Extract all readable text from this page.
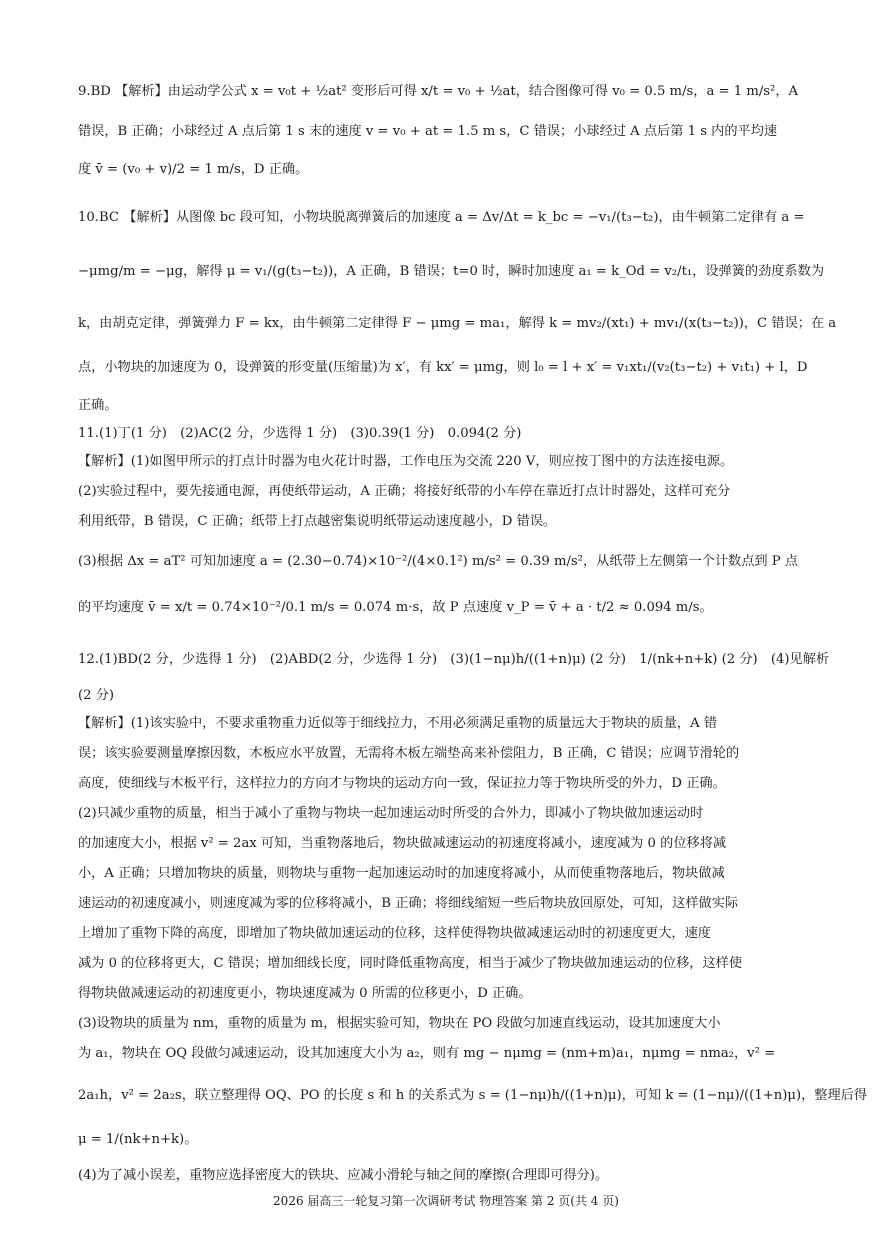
9.BD 【解析】由运动学公式 x = v₀t + ½at² 变形后可得 x/t = v₀ + ½at，结合图像可得 v₀ = 0.5 m/s，a = 1 m/s²，A
错误，B 正确；小球经过 A 点后第 1 s 末的速度 v = v₀ + at = 1.5 m s，C 错误；小球经过 A 点后第 1 s 内的平均速
度 v̄ = (v₀ + v)/2 = 1 m/s，D 正确。
10.BC 【解析】从图像 bc 段可知，小物块脱离弹簧后的加速度 a = Δv/Δt = k_bc = −v₁/(t₃−t₂)，由牛顿第二定律有 a =
−μmg/m = −μg，解得 μ = v₁/(g(t₃−t₂))，A 正确，B 错误；t=0 时，瞬时加速度 a₁ = k_Od = v₂/t₁，设弹簧的劲度系数为
k，由胡克定律，弹簧弹力 F = kx，由牛顿第二定律得 F − μmg = ma₁，解得 k = mv₂/(xt₁) + mv₁/(x(t₃−t₂))，C 错误；在 a
点，小物块的加速度为 0，设弹簧的形变量(压缩量)为 x′，有 kx′ = μmg，则 l₀ = l + x′ = v₁xt₁/(v₂(t₃−t₂) + v₁t₁) + l，D
正确。
11.(1)丁(1 分)　(2)AC(2 分，少选得 1 分)　(3)0.39(1 分)　0.094(2 分)
【解析】(1)如图甲所示的打点计时器为电火花计时器，工作电压为交流 220 V，则应按丁图中的方法连接电源。
(2)实验过程中，要先接通电源，再使纸带运动，A 正确；将接好纸带的小车停在靠近打点计时器处，这样可充分
利用纸带，B 错误，C 正确；纸带上打点越密集说明纸带运动速度越小，D 错误。
(3)根据 Δx = aT² 可知加速度 a = (2.30−0.74)×10⁻²/(4×0.1²) m/s² = 0.39 m/s²，从纸带上左侧第一个计数点到 P 点
的平均速度 v̄ = x/t = 0.74×10⁻²/0.1 m/s = 0.074 m·s，故 P 点速度 v_P = v̄ + a · t/2 ≈ 0.094 m/s。
12.(1)BD(2 分，少选得 1 分)　(2)ABD(2 分，少选得 1 分)　(3)(1−nμ)h/((1+n)μ) (2 分)　1/(nk+n+k) (2 分)　(4)见解析
(2 分)
【解析】(1)该实验中，不要求重物重力近似等于细线拉力，不用必须满足重物的质量远大于物块的质量，A 错
误；该实验要测量摩擦因数，木板应水平放置，无需将木板左端垫高来补偿阻力，B 正确，C 错误；应调节滑轮的
高度，使细线与木板平行，这样拉力的方向才与物块的运动方向一致，保证拉力等于物块所受的外力，D 正确。
(2)只减少重物的质量，相当于减小了重物与物块一起加速运动时所受的合外力，即减小了物块做加速运动时
的加速度大小，根据 v² = 2ax 可知，当重物落地后，物块做减速运动的初速度将减小，速度减为 0 的位移将减
小，A 正确；只增加物块的质量，则物块与重物一起加速运动时的加速度将减小，从而使重物落地后，物块做减
速运动的初速度减小，则速度减为零的位移将减小，B 正确；将细线缩短一些后物块放回原处，可知，这样做实际
上增加了重物下降的高度，即增加了物块做加速运动的位移，这样使得物块做减速运动时的初速度更大，速度
减为 0 的位移将更大，C 错误；增加细线长度，同时降低重物高度，相当于减少了物块做加速运动的位移，这样使
得物块做减速运动的初速度更小，物块速度减为 0 所需的位移更小，D 正确。
(3)设物块的质量为 nm，重物的质量为 m，根据实验可知，物块在 PO 段做匀加速直线运动，设其加速度大小
为 a₁，物块在 OQ 段做匀减速运动，设其加速度大小为 a₂，则有 mg − nμmg = (nm+m)a₁，nμmg = nma₂，v² =
2a₁h，v² = 2a₂s，联立整理得 OQ、PO 的长度 s 和 h 的关系式为 s = (1−nμ)h/((1+n)μ)，可知 k = (1−nμ)/((1+n)μ)，整理后得
μ = 1/(nk+n+k)。
(4)为了减小误差，重物应选择密度大的铁块、应减小滑轮与轴之间的摩擦(合理即可得分)。
2026 届高三一轮复习第一次调研考试 物理答案 第 2 页(共 4 页)
